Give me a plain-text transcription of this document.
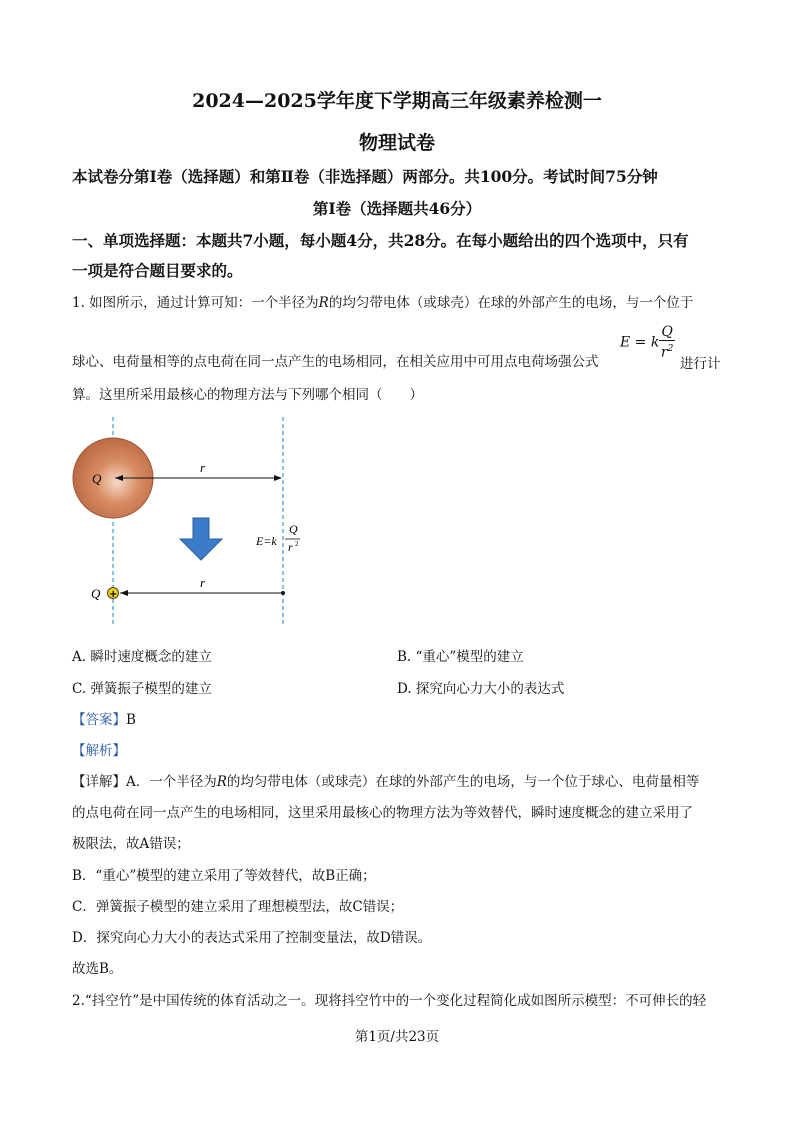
2024—2025学年度下学期高三年级素养检测一
物理试卷
本试卷分第Ⅰ卷（选择题）和第Ⅱ卷（非选择题）两部分。共100分。考试时间75分钟
第Ⅰ卷（选择题共46分）
一、单项选择题：本题共7小题，每小题4分，共28分。在每小题给出的四个选项中，只有
一项是符合题目要求的。
1. 如图所示，通过计算可知：一个半径为R的均匀带电体（或球壳）在球的外部产生的电场，与一个位于
球心、电荷量相等的点电荷在同一点产生的电场相同，在相关应用中可用点电荷场强公式
E = k $\frac{Q}{r^2}$
进行计
算。这里所采用最核心的物理方法与下列哪个相同（　　）
Q
r
E=k
Q
r 2
+
Q
r
A. 瞬时速度概念的建立	B. “重心”模型的建立
C. 弹簧振子模型的建立	D. 探究向心力大小的表达式
【答案】B
【解析】
【详解】A．一个半径为R的均匀带电体（或球壳）在球的外部产生的电场，与一个位于球心、电荷量相等
的点电荷在同一点产生的电场相同，这里采用最核心的物理方法为等效替代，瞬时速度概念的建立采用了
极限法，故A错误；
B．“重心”模型的建立采用了等效替代，故B正确；
C．弹簧振子模型的建立采用了理想模型法，故C错误；
D．探究向心力大小的表达式采用了控制变量法，故D错误。
故选B。
2.“抖空竹”是中国传统的体育活动之一。现将抖空竹中的一个变化过程简化成如图所示模型：不可伸长的轻
第1页/共23页
